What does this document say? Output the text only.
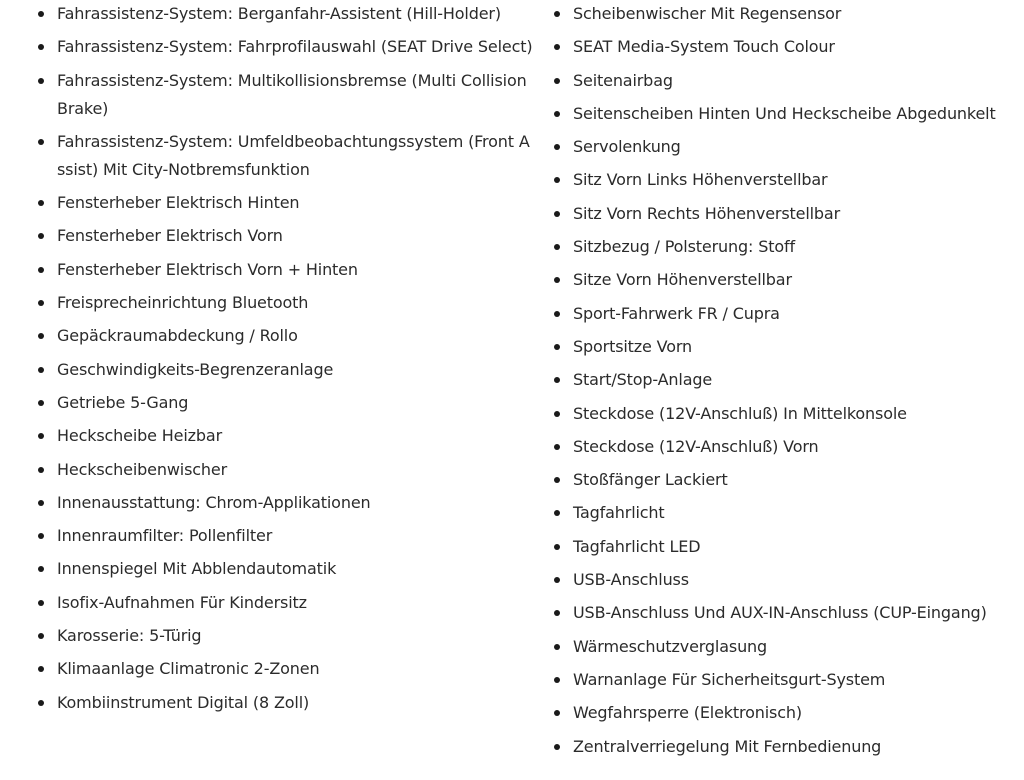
Fahrassistenz-System: Berganfahr-Assistent (Hill-Holder)
Fahrassistenz-System: Fahrprofilauswahl (SEAT Drive Select)
Fahrassistenz-System: Multikollisionsbremse (Multi Collision Brake)
Fahrassistenz-System: Umfeldbeobachtungssystem (Front Assist) Mit City-Notbremsfunktion
Fensterheber Elektrisch Hinten
Fensterheber Elektrisch Vorn
Fensterheber Elektrisch Vorn + Hinten
Freisprecheinrichtung Bluetooth
Gepäckraumabdeckung / Rollo
Geschwindigkeits-Begrenzeranlage
Getriebe 5-Gang
Heckscheibe Heizbar
Heckscheibenwischer
Innenausstattung: Chrom-Applikationen
Innenraumfilter: Pollenfilter
Innenspiegel Mit Abblendautomatik
Isofix-Aufnahmen Für Kindersitz
Karosserie: 5-Türig
Klimaanlage Climatronic 2-Zonen
Kombiinstrument Digital (8 Zoll)
Scheibenwischer Mit Regensensor
SEAT Media-System Touch Colour
Seitenairbag
Seitenscheiben Hinten Und Heckscheibe Abgedunkelt
Servolenkung
Sitz Vorn Links Höhenverstellbar
Sitz Vorn Rechts Höhenverstellbar
Sitzbezug / Polsterung: Stoff
Sitze Vorn Höhenverstellbar
Sport-Fahrwerk FR / Cupra
Sportsitze Vorn
Start/Stop-Anlage
Steckdose (12V-Anschluß) In Mittelkonsole
Steckdose (12V-Anschluß) Vorn
Stoßfänger Lackiert
Tagfahrlicht
Tagfahrlicht LED
USB-Anschluss
USB-Anschluss Und AUX-IN-Anschluss (CUP-Eingang)
Wärmeschutzverglasung
Warnanlage Für Sicherheitsgurt-System
Wegfahrsperre (Elektronisch)
Zentralverriegelung Mit Fernbedienung
